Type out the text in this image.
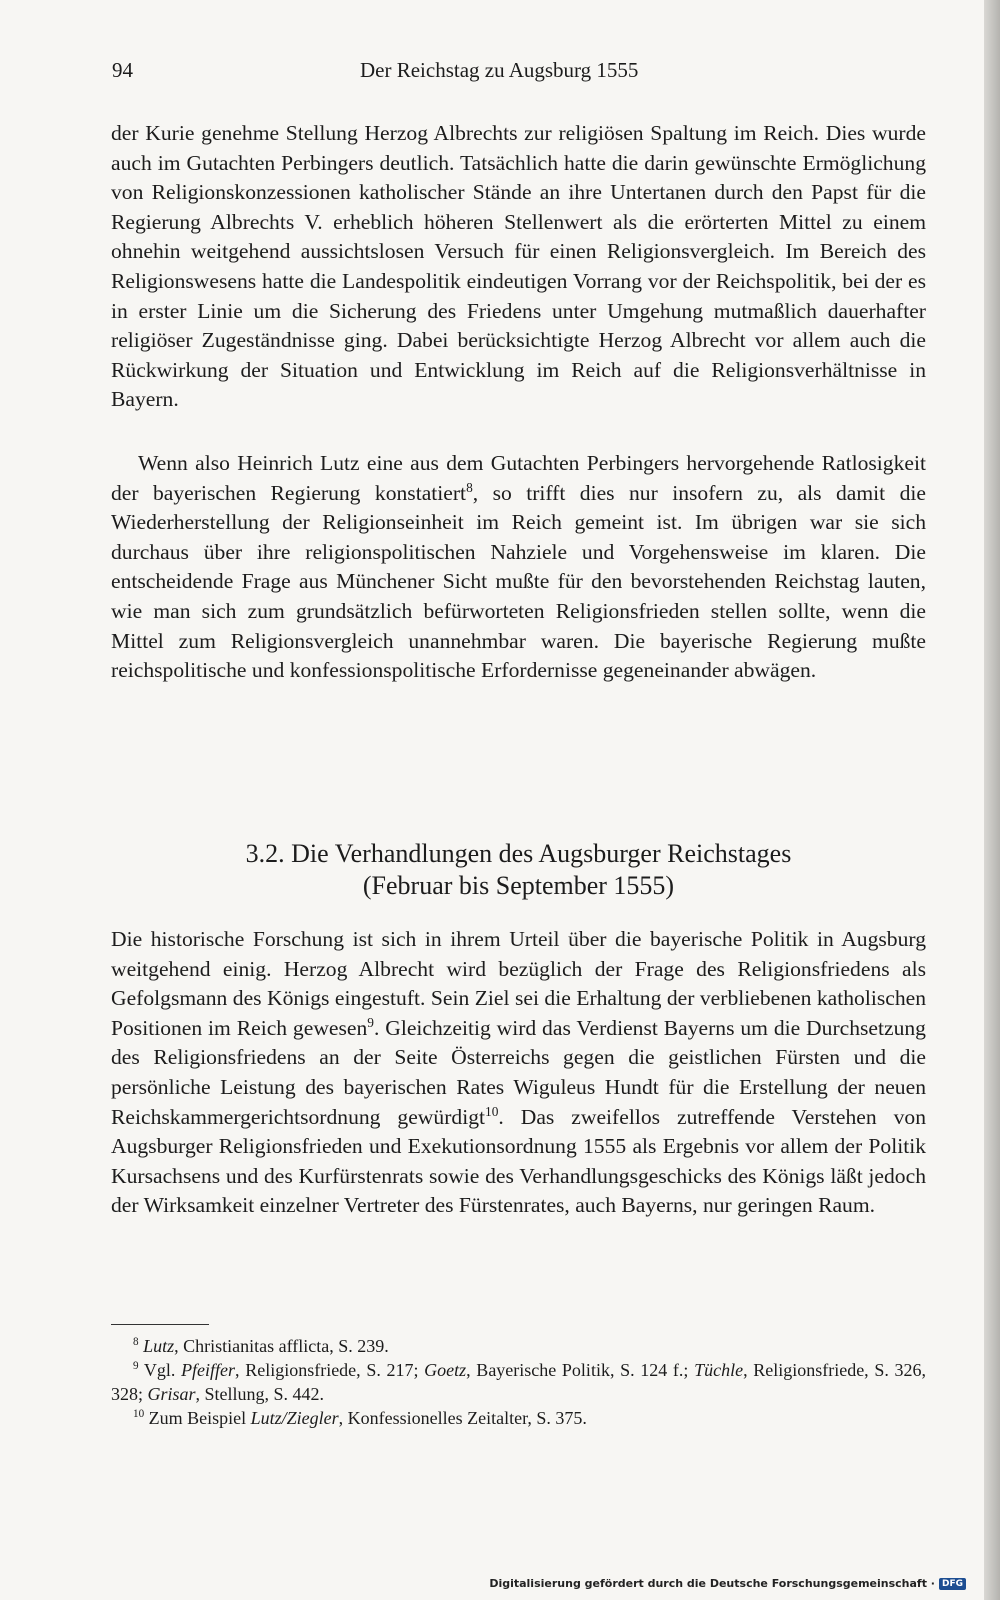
94	Der Reichstag zu Augsburg 1555

der Kurie genehme Stellung Herzog Albrechts zur religiösen Spaltung im Reich. Dies wurde auch im Gutachten Perbingers deutlich. Tatsächlich hatte die darin gewünschte Ermöglichung von Religionskonzessionen katholischer Stände an ihre Untertanen durch den Papst für die Regierung Albrechts V. erheblich höheren Stellenwert als die erörterten Mittel zu einem ohnehin weitgehend aussichtslosen Versuch für einen Religionsvergleich. Im Bereich des Religionswesens hatte die Landespolitik eindeutigen Vorrang vor der Reichspolitik, bei der es in erster Linie um die Sicherung des Friedens unter Umgehung mutmaßlich dauerhafter religiöser Zugeständnisse ging. Dabei berücksichtigte Herzog Albrecht vor allem auch die Rückwirkung der Situation und Entwicklung im Reich auf die Religionsverhältnisse in Bayern.

Wenn also Heinrich Lutz eine aus dem Gutachten Perbingers hervorgehende Ratlosigkeit der bayerischen Regierung konstatiert$^8$, so trifft dies nur insofern zu, als damit die Wiederherstellung der Religionseinheit im Reich gemeint ist. Im übrigen war sie sich durchaus über ihre religionspolitischen Nahziele und Vorgehensweise im klaren. Die entscheidende Frage aus Münchener Sicht mußte für den bevorstehenden Reichstag lauten, wie man sich zum grundsätzlich befürworteten Religionsfrieden stellen sollte, wenn die Mittel zum Religionsvergleich unannehmbar waren. Die bayerische Regierung mußte reichspolitische und konfessionspolitische Erfordernisse gegeneinander abwägen.

3.2. Die Verhandlungen des Augsburger Reichstages
(Februar bis September 1555)

Die historische Forschung ist sich in ihrem Urteil über die bayerische Politik in Augsburg weitgehend einig. Herzog Albrecht wird bezüglich der Frage des Religionsfriedens als Gefolgsmann des Königs eingestuft. Sein Ziel sei die Erhaltung der verbliebenen katholischen Positionen im Reich gewesen$^9$. Gleichzeitig wird das Verdienst Bayerns um die Durchsetzung des Religionsfriedens an der Seite Österreichs gegen die geistlichen Fürsten und die persönliche Leistung des bayerischen Rates Wiguleus Hundt für die Erstellung der neuen Reichskammergerichtsordnung gewürdigt$^{10}$. Das zweifellos zutreffende Verstehen von Augsburger Religionsfrieden und Exekutionsordnung 1555 als Ergebnis vor allem der Politik Kursachsens und des Kurfürstenrats sowie des Verhandlungsgeschicks des Königs läßt jedoch der Wirksamkeit einzelner Vertreter des Fürstenrates, auch Bayerns, nur geringen Raum.

$^8$ Lutz, Christianitas afflicta, S. 239.

$^9$ Vgl. Pfeiffer, Religionsfriede, S. 217; Goetz, Bayerische Politik, S. 124 f.; Tüchle, Religionsfriede, S. 326, 328; Grisar, Stellung, S. 442.

$^{10}$ Zum Beispiel Lutz/Ziegler, Konfessionelles Zeitalter, S. 375.

Digitalisierung gefördert durch die Deutsche Forschungsgemeinschaft · DFG
